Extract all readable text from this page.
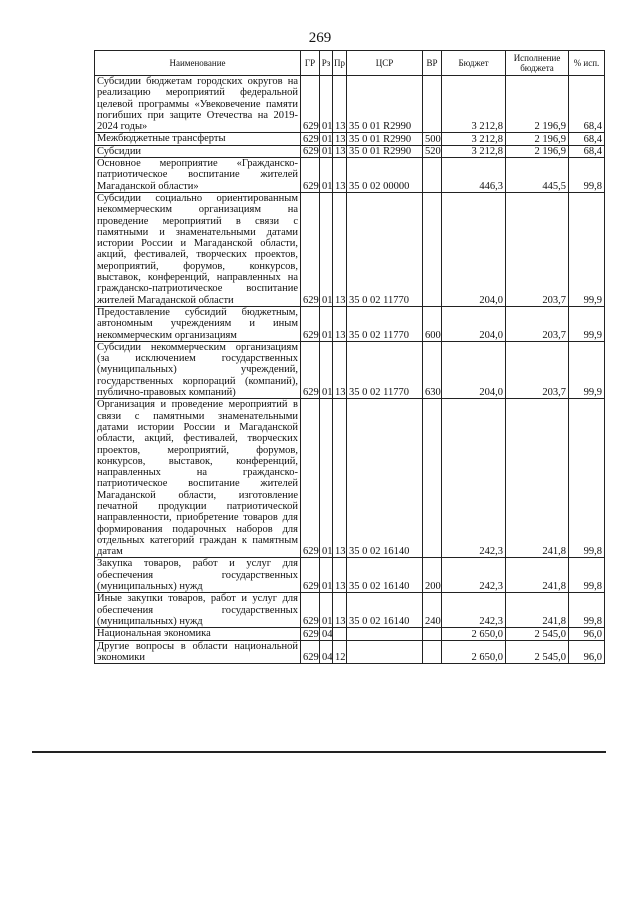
269
Наименование	ГР	Рз	Пр	ЦСР	ВР	Бюджет	Исполнение бюджета	% исп.
Субсидии бюджетам городских округов на реализацию мероприятий федеральной целевой программы «Увековечение памяти погибших при защите Отечества на 2019-2024 годы»	629	01	13	35 0 01 R2990		3 212,8	2 196,9	68,4
Межбюджетные трансферты	629	01	13	35 0 01 R2990	500	3 212,8	2 196,9	68,4
Субсидии	629	01	13	35 0 01 R2990	520	3 212,8	2 196,9	68,4
Основное мероприятие «Гражданско-патриотическое воспитание жителей Магаданской области»	629	01	13	35 0 02 00000		446,3	445,5	99,8
Субсидии социально ориентированным некоммерческим организациям на проведение мероприятий в связи с памятными и знаменательными датами истории России и Магаданской области, акций, фестивалей, творческих проектов, мероприятий, форумов, конкурсов, выставок, конференций, направленных на гражданско-патриотическое воспитание жителей Магаданской области	629	01	13	35 0 02 11770		204,0	203,7	99,9
Предоставление субсидий бюджетным, автономным учреждениям и иным некоммерческим организациям	629	01	13	35 0 02 11770	600	204,0	203,7	99,9
Субсидии некоммерческим организациям (за исключением государственных (муниципальных) учреждений, государственных корпораций (компаний), публично-правовых компаний)	629	01	13	35 0 02 11770	630	204,0	203,7	99,9
Организация и проведение мероприятий в связи с памятными знаменательными датами истории России и Магаданской области, акций, фестивалей, творческих проектов, мероприятий, форумов, конкурсов, выставок, конференций, направленных на гражданско-патриотическое воспитание жителей Магаданской области, изготовление печатной продукции патриотической направленности, приобретение товаров для формирования подарочных наборов для отдельных категорий граждан к памятным датам	629	01	13	35 0 02 16140		242,3	241,8	99,8
Закупка товаров, работ и услуг для обеспечения государственных (муниципальных) нужд	629	01	13	35 0 02 16140	200	242,3	241,8	99,8
Иные закупки товаров, работ и услуг для обеспечения государственных (муниципальных) нужд	629	01	13	35 0 02 16140	240	242,3	241,8	99,8
Национальная экономика	629	04				2 650,0	2 545,0	96,0
Другие вопросы в области национальной экономики	629	04	12			2 650,0	2 545,0	96,0
